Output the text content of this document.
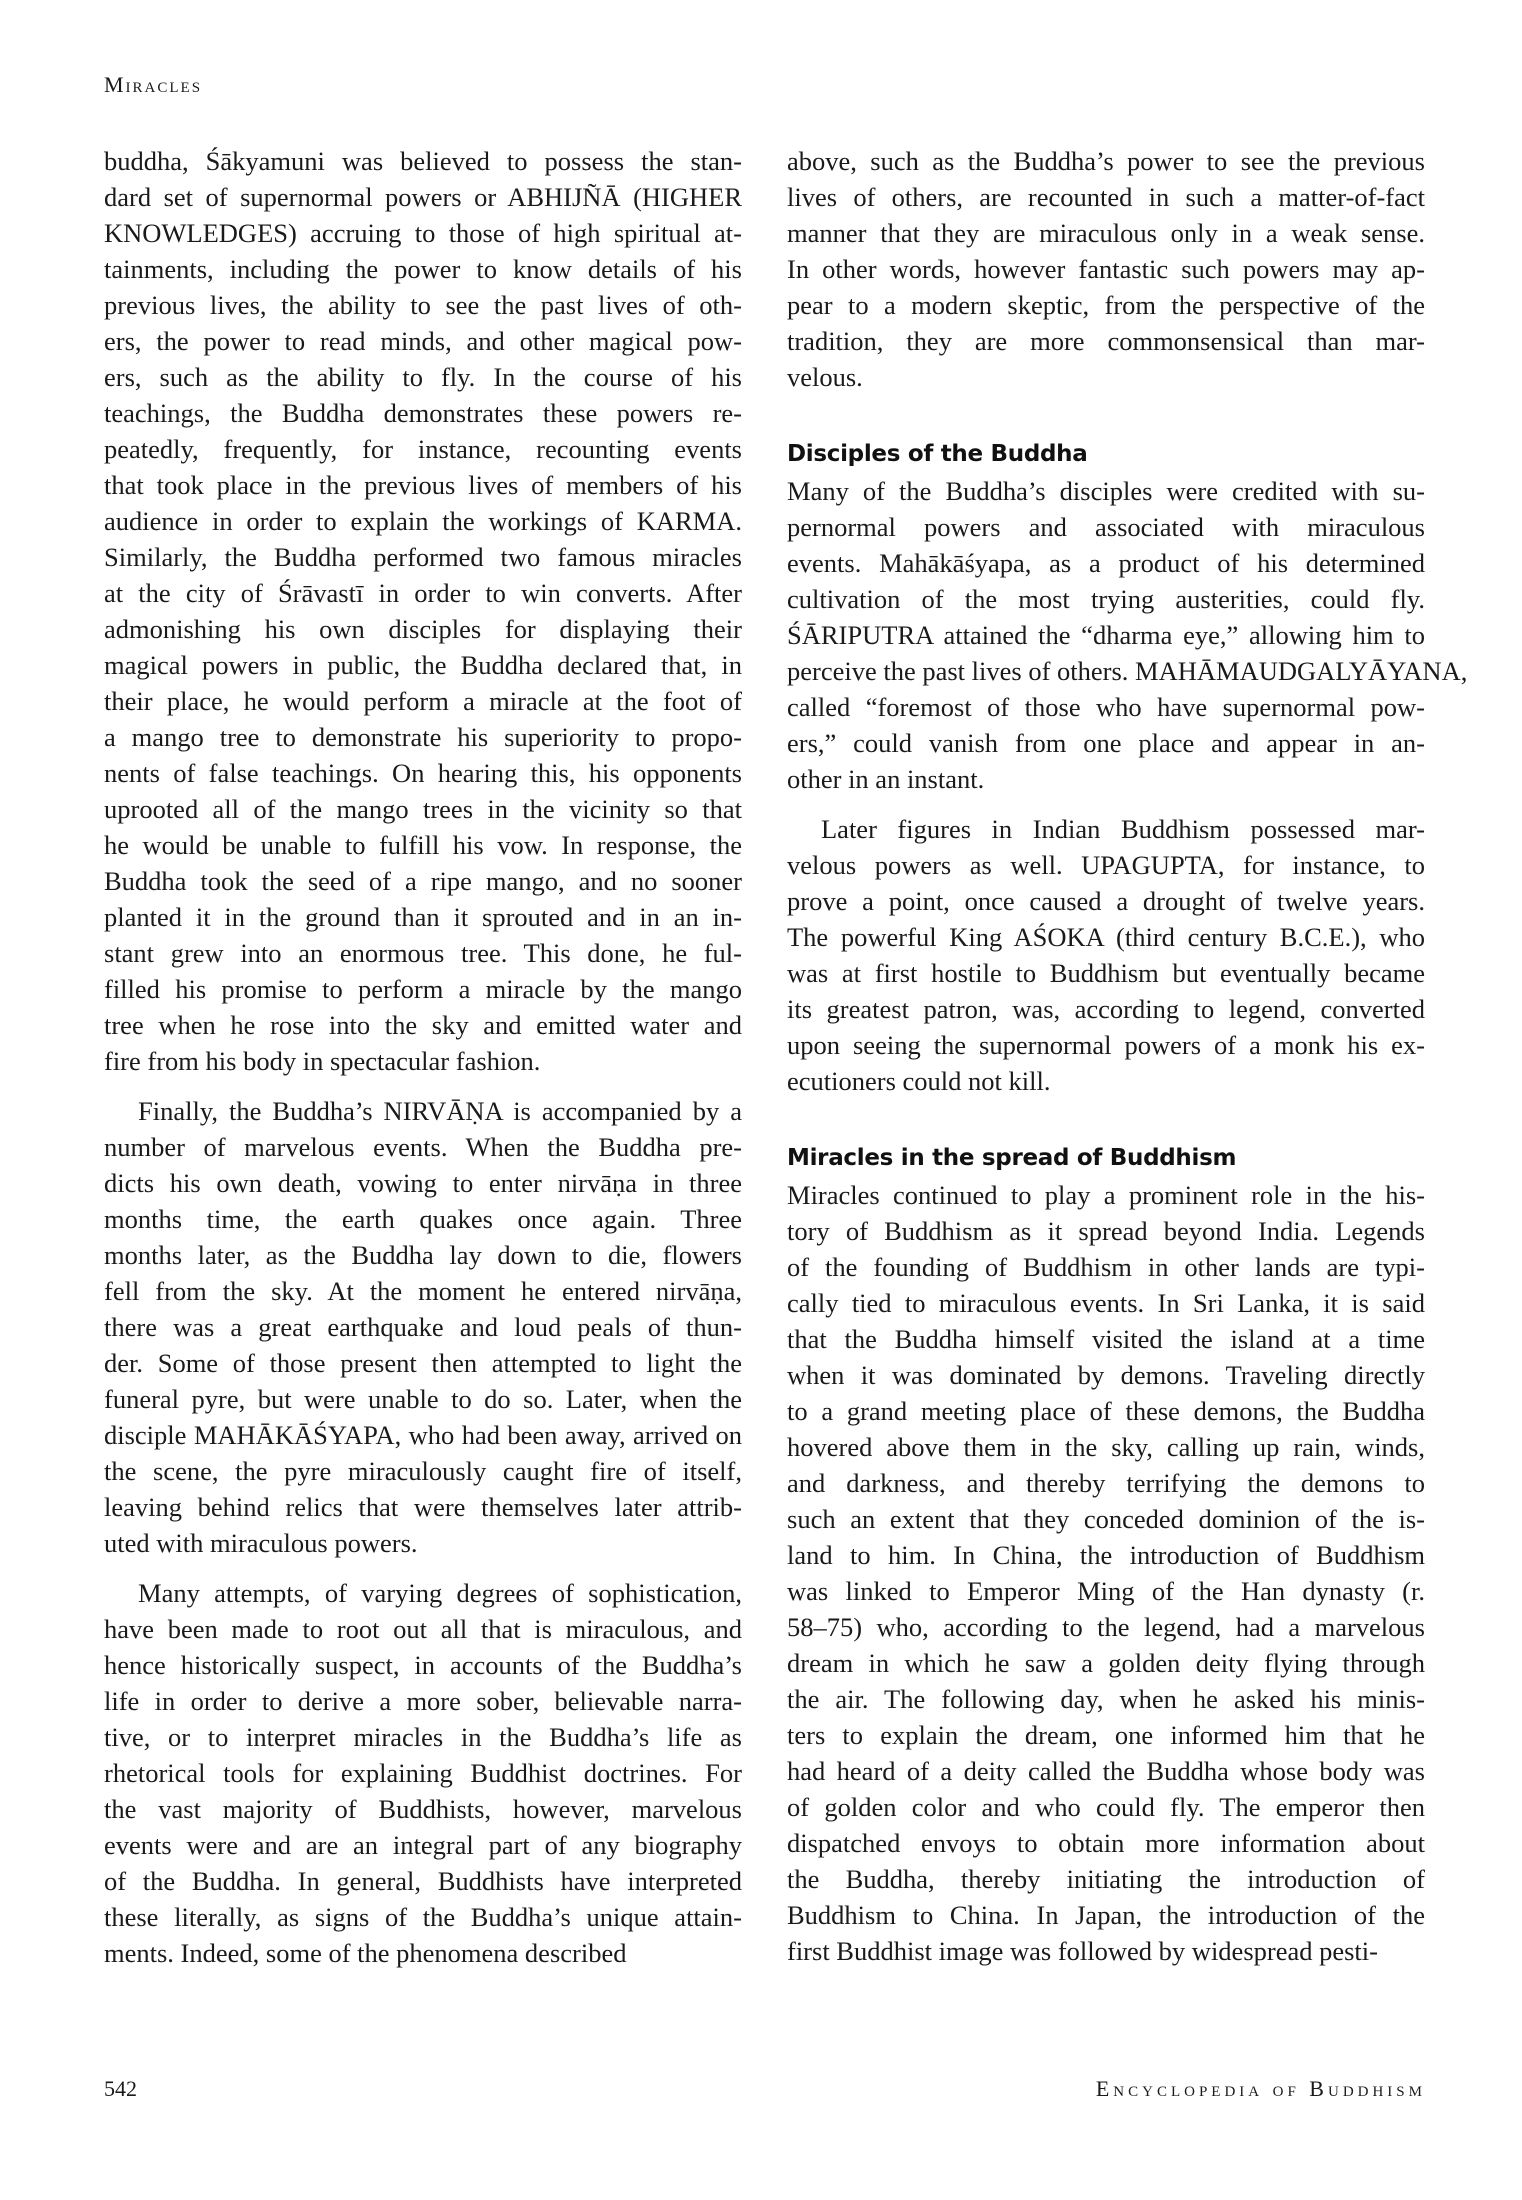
Miracles
buddha, Śākyamuni was believed to possess the stan-
dard set of supernormal powers or ABHIJÑĀ (HIGHER
KNOWLEDGES) accruing to those of high spiritual at-
tainments, including the power to know details of his
previous lives, the ability to see the past lives of oth-
ers, the power to read minds, and other magical pow-
ers, such as the ability to fly. In the course of his
teachings, the Buddha demonstrates these powers re-
peatedly, frequently, for instance, recounting events
that took place in the previous lives of members of his
audience in order to explain the workings of KARMA.
Similarly, the Buddha performed two famous miracles
at the city of Śrāvastī in order to win converts. After
admonishing his own disciples for displaying their
magical powers in public, the Buddha declared that, in
their place, he would perform a miracle at the foot of
a mango tree to demonstrate his superiority to propo-
nents of false teachings. On hearing this, his opponents
uprooted all of the mango trees in the vicinity so that
he would be unable to fulfill his vow. In response, the
Buddha took the seed of a ripe mango, and no sooner
planted it in the ground than it sprouted and in an in-
stant grew into an enormous tree. This done, he ful-
filled his promise to perform a miracle by the mango
tree when he rose into the sky and emitted water and
fire from his body in spectacular fashion.
Finally, the Buddha’s NIRVĀṆA is accompanied by a
number of marvelous events. When the Buddha pre-
dicts his own death, vowing to enter nirvāṇa in three
months time, the earth quakes once again. Three
months later, as the Buddha lay down to die, flowers
fell from the sky. At the moment he entered nirvāṇa,
there was a great earthquake and loud peals of thun-
der. Some of those present then attempted to light the
funeral pyre, but were unable to do so. Later, when the
disciple MAHĀKĀŚYAPA, who had been away, arrived on
the scene, the pyre miraculously caught fire of itself,
leaving behind relics that were themselves later attrib-
uted with miraculous powers.
Many attempts, of varying degrees of sophistication,
have been made to root out all that is miraculous, and
hence historically suspect, in accounts of the Buddha’s
life in order to derive a more sober, believable narra-
tive, or to interpret miracles in the Buddha’s life as
rhetorical tools for explaining Buddhist doctrines. For
the vast majority of Buddhists, however, marvelous
events were and are an integral part of any biography
of the Buddha. In general, Buddhists have interpreted
these literally, as signs of the Buddha’s unique attain-
ments. Indeed, some of the phenomena described
above, such as the Buddha’s power to see the previous
lives of others, are recounted in such a matter-of-fact
manner that they are miraculous only in a weak sense.
In other words, however fantastic such powers may ap-
pear to a modern skeptic, from the perspective of the
tradition, they are more commonsensical than mar-
velous.
Disciples of the Buddha
Many of the Buddha’s disciples were credited with su-
pernormal powers and associated with miraculous
events. Mahākāśyapa, as a product of his determined
cultivation of the most trying austerities, could fly.
ŚĀRIPUTRA attained the “dharma eye,” allowing him to
perceive the past lives of others. MAHĀMAUDGALYĀYANA,
called “foremost of those who have supernormal pow-
ers,” could vanish from one place and appear in an-
other in an instant.
Later figures in Indian Buddhism possessed mar-
velous powers as well. UPAGUPTA, for instance, to
prove a point, once caused a drought of twelve years.
The powerful King AŚOKA (third century B.C.E.), who
was at first hostile to Buddhism but eventually became
its greatest patron, was, according to legend, converted
upon seeing the supernormal powers of a monk his ex-
ecutioners could not kill.
Miracles in the spread of Buddhism
Miracles continued to play a prominent role in the his-
tory of Buddhism as it spread beyond India. Legends
of the founding of Buddhism in other lands are typi-
cally tied to miraculous events. In Sri Lanka, it is said
that the Buddha himself visited the island at a time
when it was dominated by demons. Traveling directly
to a grand meeting place of these demons, the Buddha
hovered above them in the sky, calling up rain, winds,
and darkness, and thereby terrifying the demons to
such an extent that they conceded dominion of the is-
land to him. In China, the introduction of Buddhism
was linked to Emperor Ming of the Han dynasty (r.
58–75) who, according to the legend, had a marvelous
dream in which he saw a golden deity flying through
the air. The following day, when he asked his minis-
ters to explain the dream, one informed him that he
had heard of a deity called the Buddha whose body was
of golden color and who could fly. The emperor then
dispatched envoys to obtain more information about
the Buddha, thereby initiating the introduction of
Buddhism to China. In Japan, the introduction of the
first Buddhist image was followed by widespread pesti-
542	Encyclopedia of Buddhism
